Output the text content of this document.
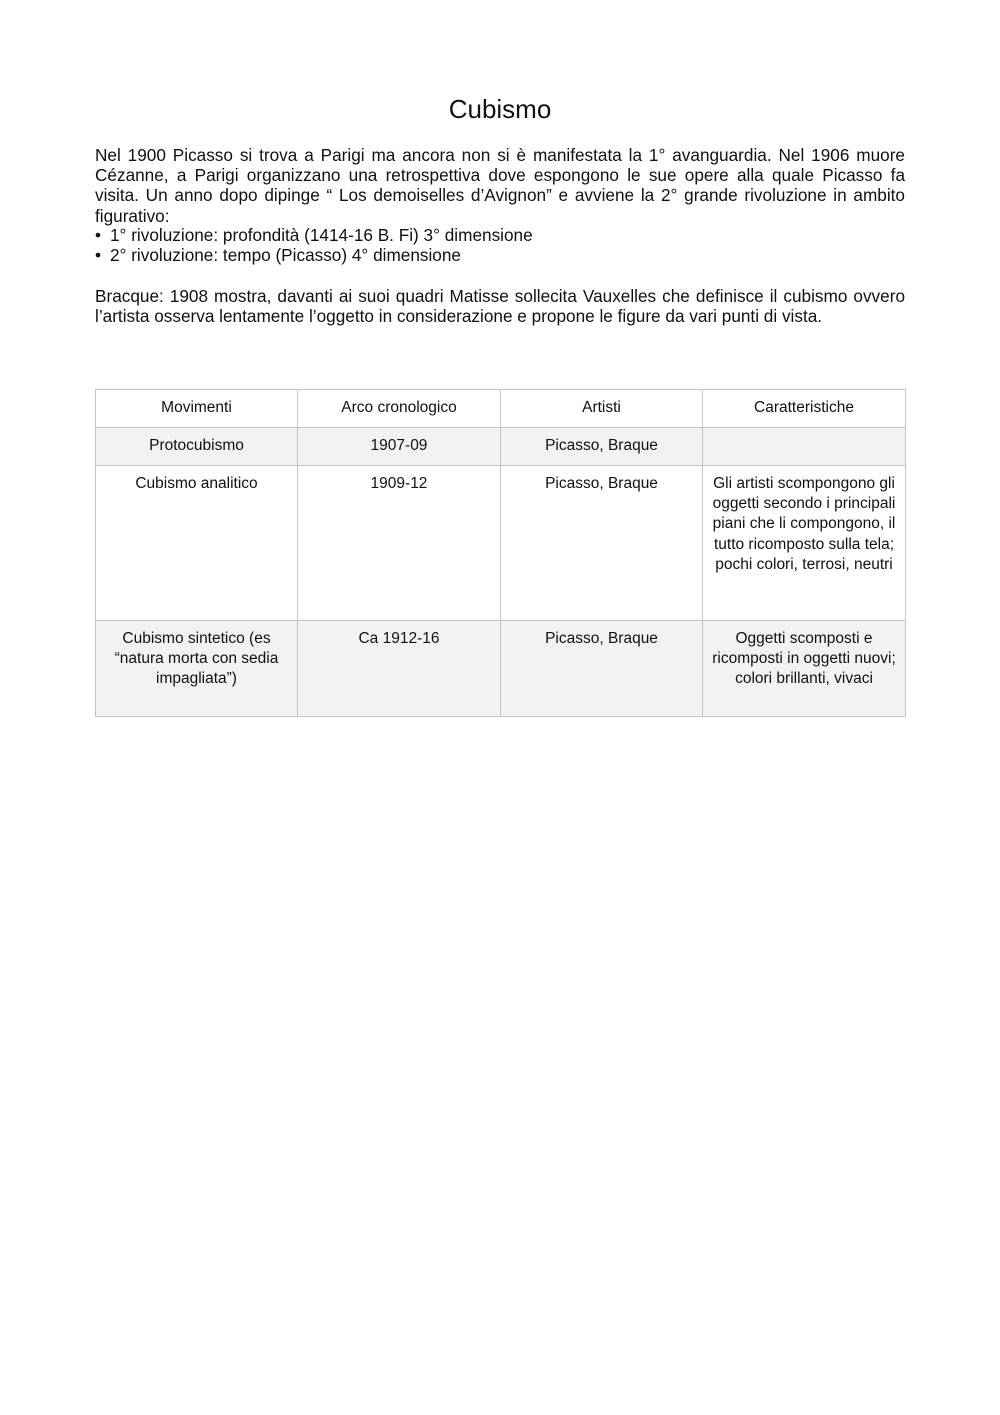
Cubismo

Nel 1900 Picasso si trova a Parigi ma ancora non si è manifestata la 1° avanguardia. Nel 1906 muore Cézanne, a Parigi organizzano una retrospettiva dove espongono le sue opere alla quale Picasso fa visita. Un anno dopo dipinge “ Los demoiselles d’Avignon” e avviene la 2° grande rivoluzione in ambito figurativo:

• 1° rivoluzione: profondità (1414-16 B. Fi) 3° dimensione
• 2° rivoluzione: tempo (Picasso) 4° dimensione

Bracque: 1908 mostra, davanti ai suoi quadri Matisse sollecita Vauxelles che definisce il cubismo ovvero l’artista osserva lentamente l’oggetto in considerazione e propone le figure da vari punti di vista.

Movimenti	Arco cronologico	Artisti	Caratteristiche
Protocubismo	1907-09	Picasso, Braque	
Cubismo analitico	1909-12	Picasso, Braque	Gli artisti scompongono gli oggetti secondo i principali piani che li compongono, il tutto ricomposto sulla tela; pochi colori, terrosi, neutri
Cubismo sintetico (es “natura morta con sedia impagliata”)	Ca 1912-16	Picasso, Braque	Oggetti scomposti e ricomposti in oggetti nuovi; colori brillanti, vivaci
